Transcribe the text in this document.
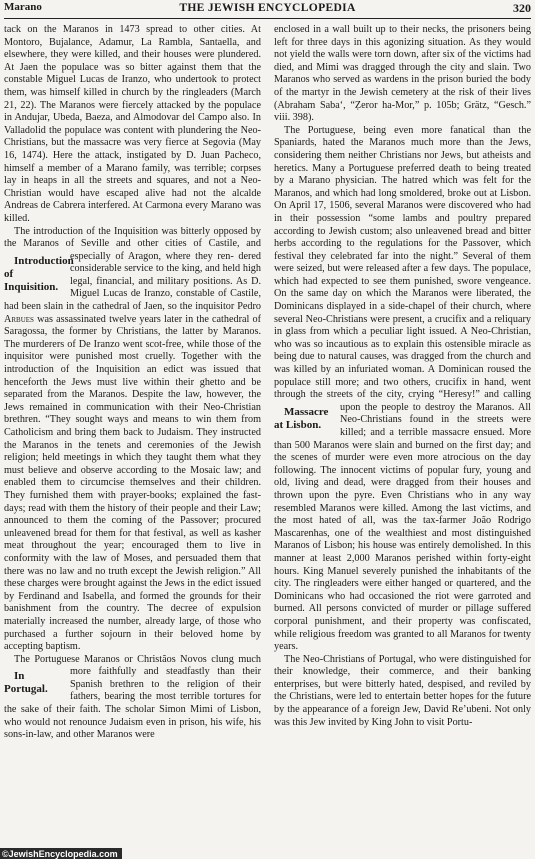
Marano	THE JEWISH ENCYCLOPEDIA	320

tack on the Maranos in 1473 spread to other cities. At Montoro, Bujalance, Adamur, La Rambla, Santaella, and elsewhere, they were killed, and their houses were plundered. At Jaen the populace was so bitter against them that the constable Miguel Lucas de Iranzo, who undertook to protect them, was himself killed in church by the ringleaders (March 21, 22). The Maranos were fiercely attacked by the populace in Andujar, Ubeda, Baeza, and Almodovar del Campo also. In Valladolid the populace was content with plundering the Neo-Christians, but the massacre was very fierce at Segovia (May 16, 1474). Here the attack, instigated by D. Juan Pacheco, himself a member of a Marano family, was terrible; corpses lay in heaps in all the streets and squares, and not a Neo-Christian would have escaped alive had not the alcalde Andreas de Cabrera interfered. At Carmona every Marano was killed.

The introduction of the Inquisition was bitterly opposed by the Maranos of Seville and other cities of Castile, and especially of Aragon, where they ren-
Introduction of Inquisition.
dered considerable service to the king, and held high legal, financial, and military positions. As D. Miguel Lucas de Iranzo, constable of Castile, had been slain in the cathedral of Jaen, so the inquisitor Pedro Arbues was assassinated twelve years later in the cathedral of Saragossa, the former by Christians, the latter by Maranos. The murderers of De Iranzo went scot-free, while those of the inquisitor were punished most cruelly. Together with the introduction of the Inquisition an edict was issued that henceforth the Jews must live within their ghetto and be separated from the Maranos. Despite the law, however, the Jews remained in communication with their Neo-Christian brethren. “They sought ways and means to win them from Catholicism and bring them back to Judaism. They instructed the Maranos in the tenets and ceremonies of the Jewish religion; held meetings in which they taught them what they must believe and observe according to the Mosaic law; and enabled them to circumcise themselves and their children. They furnished them with prayer-books; explained the fast-days; read with them the history of their people and their Law; announced to them the coming of the Passover; procured unleavened bread for them for that festival, as well as kasher meat throughout the year; encouraged them to live in conformity with the law of Moses, and persuaded them that there was no law and no truth except the Jewish religion.” All these charges were brought against the Jews in the edict issued by Ferdinand and Isabella, and formed the grounds for their banishment from the country. The decree of expulsion materially increased the number, already large, of those who purchased a further sojourn in their beloved home by accepting baptism.

The Portuguese Maranos or Christãos Novos clung much more faithfully and steadfastly than their
In Portugal.	Spanish brethren to the religion of their fathers, bearing the most terrible tortures for the sake of their faith. The scholar Simon Mimi of Lisbon, who would not renounce Judaism even in prison, his wife, his sons-in-law, and other Maranos were

enclosed in a wall built up to their necks, the prisoners being left for three days in this agonizing situation. As they would not yield the walls were torn down, after six of the victims had died, and Mimi was dragged through the city and slain. Two Maranos who served as wardens in the prison buried the body of the martyr in the Jewish cemetery at the risk of their lives (Abraham Saba‘, “Ẓeror ha-Mor,” p. 105b; Grätz, “Gesch.” viii. 398).

The Portuguese, being even more fanatical than the Spaniards, hated the Maranos much more than the Jews, considering them neither Christians nor Jews, but atheists and heretics. Many a Portuguese preferred death to being treated by a Marano physician. The hatred which was felt for the Maranos, and which had long smoldered, broke out at Lisbon. On April 17, 1506, several Maranos were discovered who had in their possession “some lambs and poultry prepared according to Jewish custom; also unleavened bread and bitter herbs according to the regulations for the Passover, which festival they celebrated far into the night.” Several of them were seized, but were released after a few days. The populace, which had expected to see them punished, swore vengeance. On the same day on which the Maranos were liberated, the Dominicans displayed in a side-chapel of their church, where several Neo-Christians were present, a crucifix and a reliquary in glass from which a peculiar light issued. A Neo-Christian, who was so incautious as to explain this ostensible miracle as being due to natural causes, was dragged from the church and was killed by an infuriated woman. A Dominican roused the populace still more; and two others, crucifix in hand, went through the streets of the city, crying “Heresy!”
Massacre at Lisbon.
and calling upon the people to destroy the Maranos. All Neo-Christians found in the streets were killed; and a terrible massacre ensued. More than 500 Maranos were slain and burned on the first day; and the scenes of murder were even more atrocious on the day following. The innocent victims of popular fury, young and old, living and dead, were dragged from their houses and thrown upon the pyre. Even Christians who in any way resembled Maranos were killed. Among the last victims, and the most hated of all, was the tax-farmer João Rodrigo Mascarenhas, one of the wealthiest and most distinguished Maranos of Lisbon; his house was entirely demolished. In this manner at least 2,000 Maranos perished within forty-eight hours. King Manuel severely punished the inhabitants of the city. The ringleaders were either hanged or quartered, and the Dominicans who had occasioned the riot were garroted and burned. All persons convicted of murder or pillage suffered corporal punishment, and their property was confiscated, while religious freedom was granted to all Maranos for twenty years.

The Neo-Christians of Portugal, who were distinguished for their knowledge, their commerce, and their banking enterprises, but were bitterly hated, despised, and reviled by the Christians, were led to entertain better hopes for the future by the appearance of a foreign Jew, David Re’ubeni. Not only was this Jew invited by King John to visit Portu-

©JewishEncyclopedia.com
